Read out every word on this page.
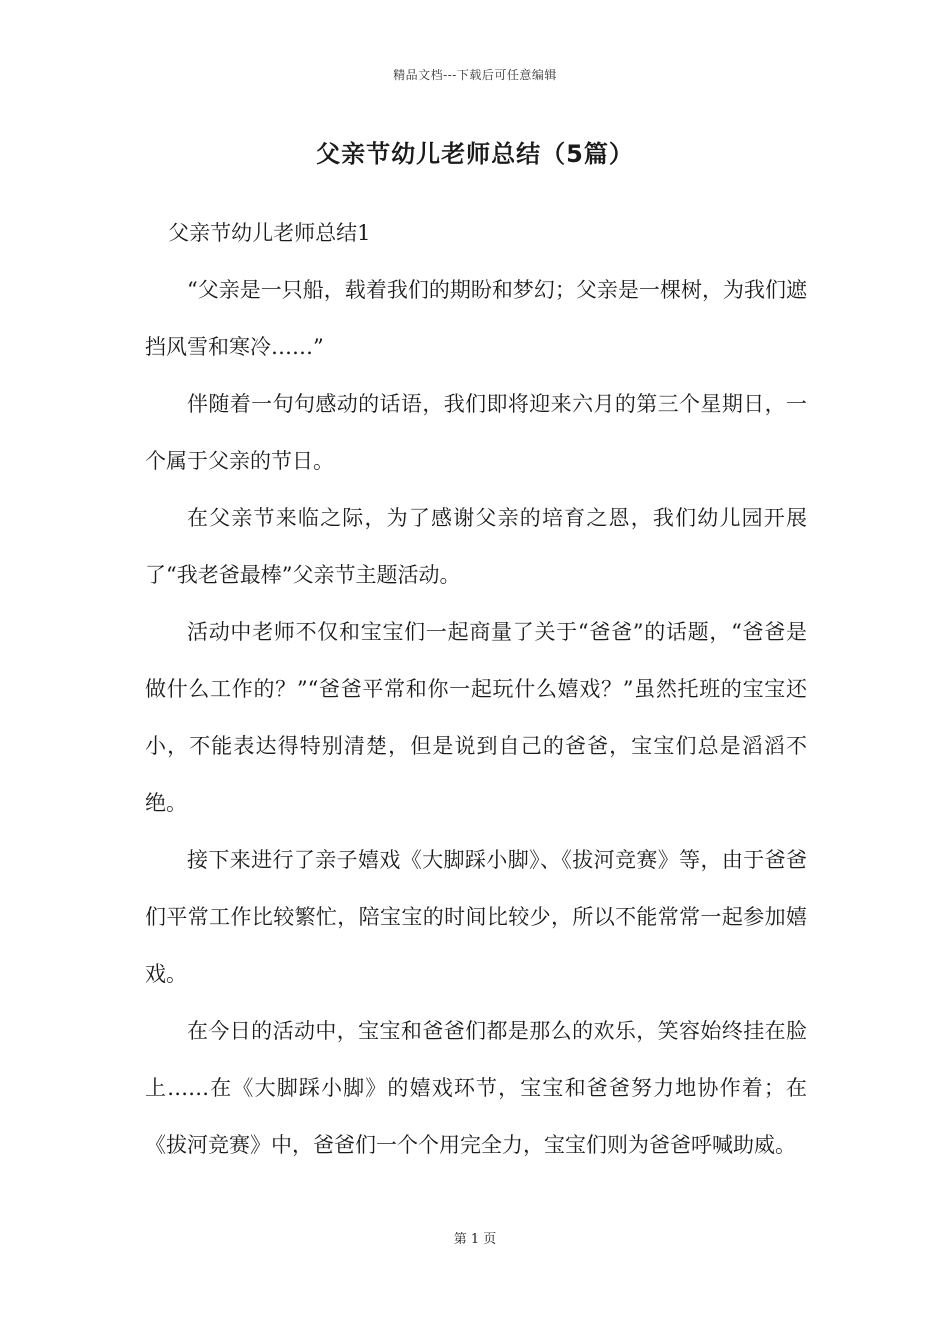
精品文档---下载后可任意编辑
父亲节幼儿老师总结（5篇）

父亲节幼儿老师总结1

“父亲是一只船，载着我们的期盼和梦幻；父亲是一棵树，为我们遮挡风雪和寒冷……”

伴随着一句句感动的话语，我们即将迎来六月的第三个星期日，一个属于父亲的节日。

在父亲节来临之际，为了感谢父亲的培育之恩，我们幼儿园开展了“我老爸最棒”父亲节主题活动。

活动中老师不仅和宝宝们一起商量了关于“爸爸”的话题，“爸爸是做什么工作的？”“爸爸平常和你一起玩什么嬉戏？”虽然托班的宝宝还小，不能表达得特别清楚，但是说到自己的爸爸，宝宝们总是滔滔不绝。

接下来进行了亲子嬉戏《大脚踩小脚》、《拔河竞赛》等，由于爸爸们平常工作比较繁忙，陪宝宝的时间比较少，所以不能常常一起参加嬉戏。

在今日的活动中，宝宝和爸爸们都是那么的欢乐，笑容始终挂在脸上……在《大脚踩小脚》的嬉戏环节，宝宝和爸爸努力地协作着；在《拔河竞赛》中，爸爸们一个个用完全力，宝宝们则为爸爸呼喊助威。

第 1 页
